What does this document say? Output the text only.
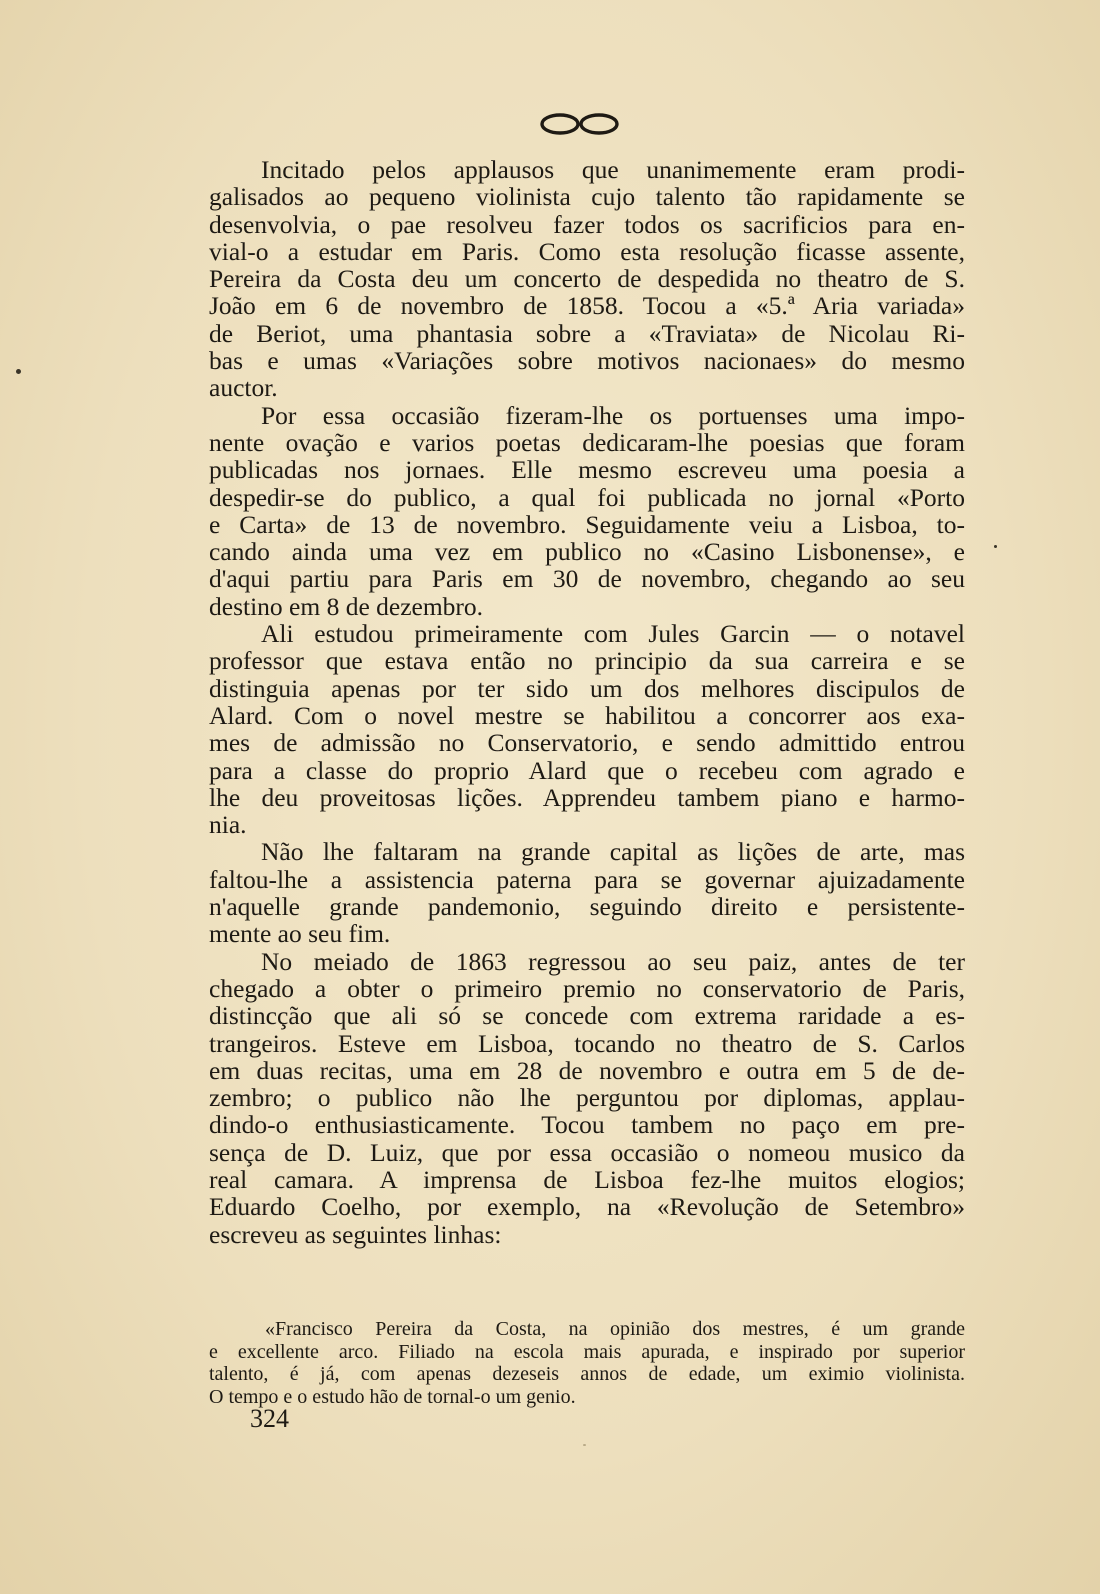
Incitado pelos applausos que unanimemente eram prodi-
galisados ao pequeno violinista cujo talento tão rapidamente se
desenvolvia, o pae resolveu fazer todos os sacrificios para en-
vial-o a estudar em Paris. Como esta resolução ficasse assente,
Pereira da Costa deu um concerto de despedida no theatro de S.
João em 6 de novembro de 1858. Tocou a «5.ª Aria variada»
de Beriot, uma phantasia sobre a «Traviata» de Nicolau Ri-
bas e umas «Variações sobre motivos nacionaes» do mesmo
auctor.
Por essa occasião fizeram-lhe os portuenses uma impo-
nente ovação e varios poetas dedicaram-lhe poesias que foram
publicadas nos jornaes. Elle mesmo escreveu uma poesia a
despedir-se do publico, a qual foi publicada no jornal «Porto
e Carta» de 13 de novembro. Seguidamente veiu a Lisboa, to-
cando ainda uma vez em publico no «Casino Lisbonense», e
d'aqui partiu para Paris em 30 de novembro, chegando ao seu
destino em 8 de dezembro.
Ali estudou primeiramente com Jules Garcin — o notavel
professor que estava então no principio da sua carreira e se
distinguia apenas por ter sido um dos melhores discipulos de
Alard. Com o novel mestre se habilitou a concorrer aos exa-
mes de admissão no Conservatorio, e sendo admittido entrou
para a classe do proprio Alard que o recebeu com agrado e
lhe deu proveitosas lições. Apprendeu tambem piano e harmo-
nia.
Não lhe faltaram na grande capital as lições de arte, mas
faltou-lhe a assistencia paterna para se governar ajuizadamente
n'aquelle grande pandemonio, seguindo direito e persistente-
mente ao seu fim.
No meiado de 1863 regressou ao seu paiz, antes de ter
chegado a obter o primeiro premio no conservatorio de Paris,
distincção que ali só se concede com extrema raridade a es-
trangeiros. Esteve em Lisboa, tocando no theatro de S. Carlos
em duas recitas, uma em 28 de novembro e outra em 5 de de-
zembro; o publico não lhe perguntou por diplomas, applau-
dindo-o enthusiasticamente. Tocou tambem no paço em pre-
sença de D. Luiz, que por essa occasião o nomeou musico da
real camara. A imprensa de Lisboa fez-lhe muitos elogios;
Eduardo Coelho, por exemplo, na «Revolução de Setembro»
escreveu as seguintes linhas:
«Francisco Pereira da Costa, na opinião dos mestres, é um grande
e excellente arco. Filiado na escola mais apurada, e inspirado por superior
talento, é já, com apenas dezeseis annos de edade, um eximio violinista.
O tempo e o estudo hão de tornal-o um genio.
324
